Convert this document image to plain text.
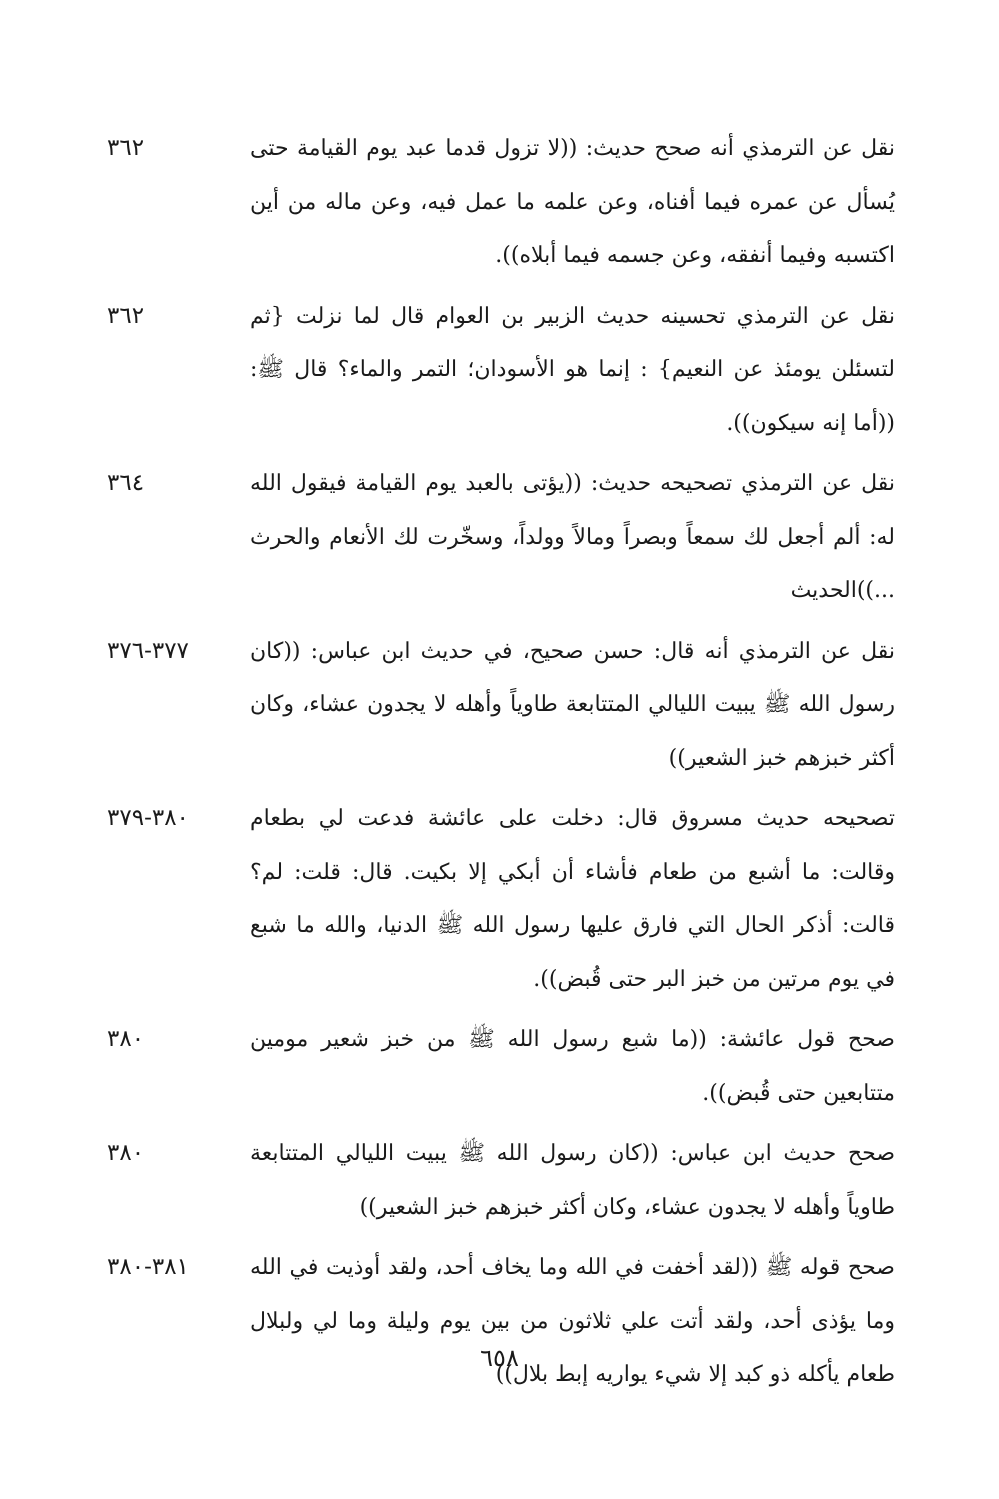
نقل عن الترمذي أنه صحح حديث: ((لا تزول قدما عبد يوم القيامة حتى يُسأل عن عمره فيما أفناه، وعن علمه ما عمل فيه، وعن ماله من أين اكتسبه وفيما أنفقه، وعن جسمه فيما أبلاه)).
٣٦٢
نقل عن الترمذي تحسينه حديث الزبير بن العوام قال لما نزلت {ثم لتسئلن يومئذ عن النعيم} : إنما هو الأسودان؛ التمر والماء؟ قال ﷺ: ((أما إنه سيكون)).
٣٦٢
نقل عن الترمذي تصحيحه حديث: ((يؤتى بالعبد يوم القيامة فيقول الله له: ألم أجعل لك سمعاً وبصراً ومالاً وولداً، وسخّرت لك الأنعام والحرث ...))الحديث
٣٦٤
نقل عن الترمذي أنه قال: حسن صحيح، في حديث ابن عباس: ((كان رسول الله ﷺ يبيت الليالي المتتابعة طاوياً وأهله لا يجدون عشاء، وكان أكثر خبزهم خبز الشعير))
٣٧٧-٣٧٦
تصحيحه حديث مسروق قال: دخلت على عائشة فدعت لي بطعام وقالت: ما أشبع من طعام فأشاء أن أبكي إلا بكيت. قال: قلت: لم؟ قالت: أذكر الحال التي فارق عليها رسول الله ﷺ الدنيا، والله ما شبع في يوم مرتين من خبز البر حتى قُبض)).
٣٨٠-٣٧٩
صحح قول عائشة: ((ما شبع رسول الله ﷺ من خبز شعير مومين متتابعين حتى قُبض)).
٣٨٠
صحح حديث ابن عباس: ((كان رسول الله ﷺ يبيت الليالي المتتابعة طاوياً وأهله لا يجدون عشاء، وكان أكثر خبزهم خبز الشعير))
٣٨٠
صحح قوله ﷺ ((لقد أخفت في الله وما يخاف أحد، ولقد أوذيت في الله وما يؤذى أحد، ولقد أتت علي ثلاثون من بين يوم وليلة وما لي ولبلال طعام يأكله ذو كبد إلا شيء يواريه إبط بلال))
٣٨١-٣٨٠
٦٥٨
